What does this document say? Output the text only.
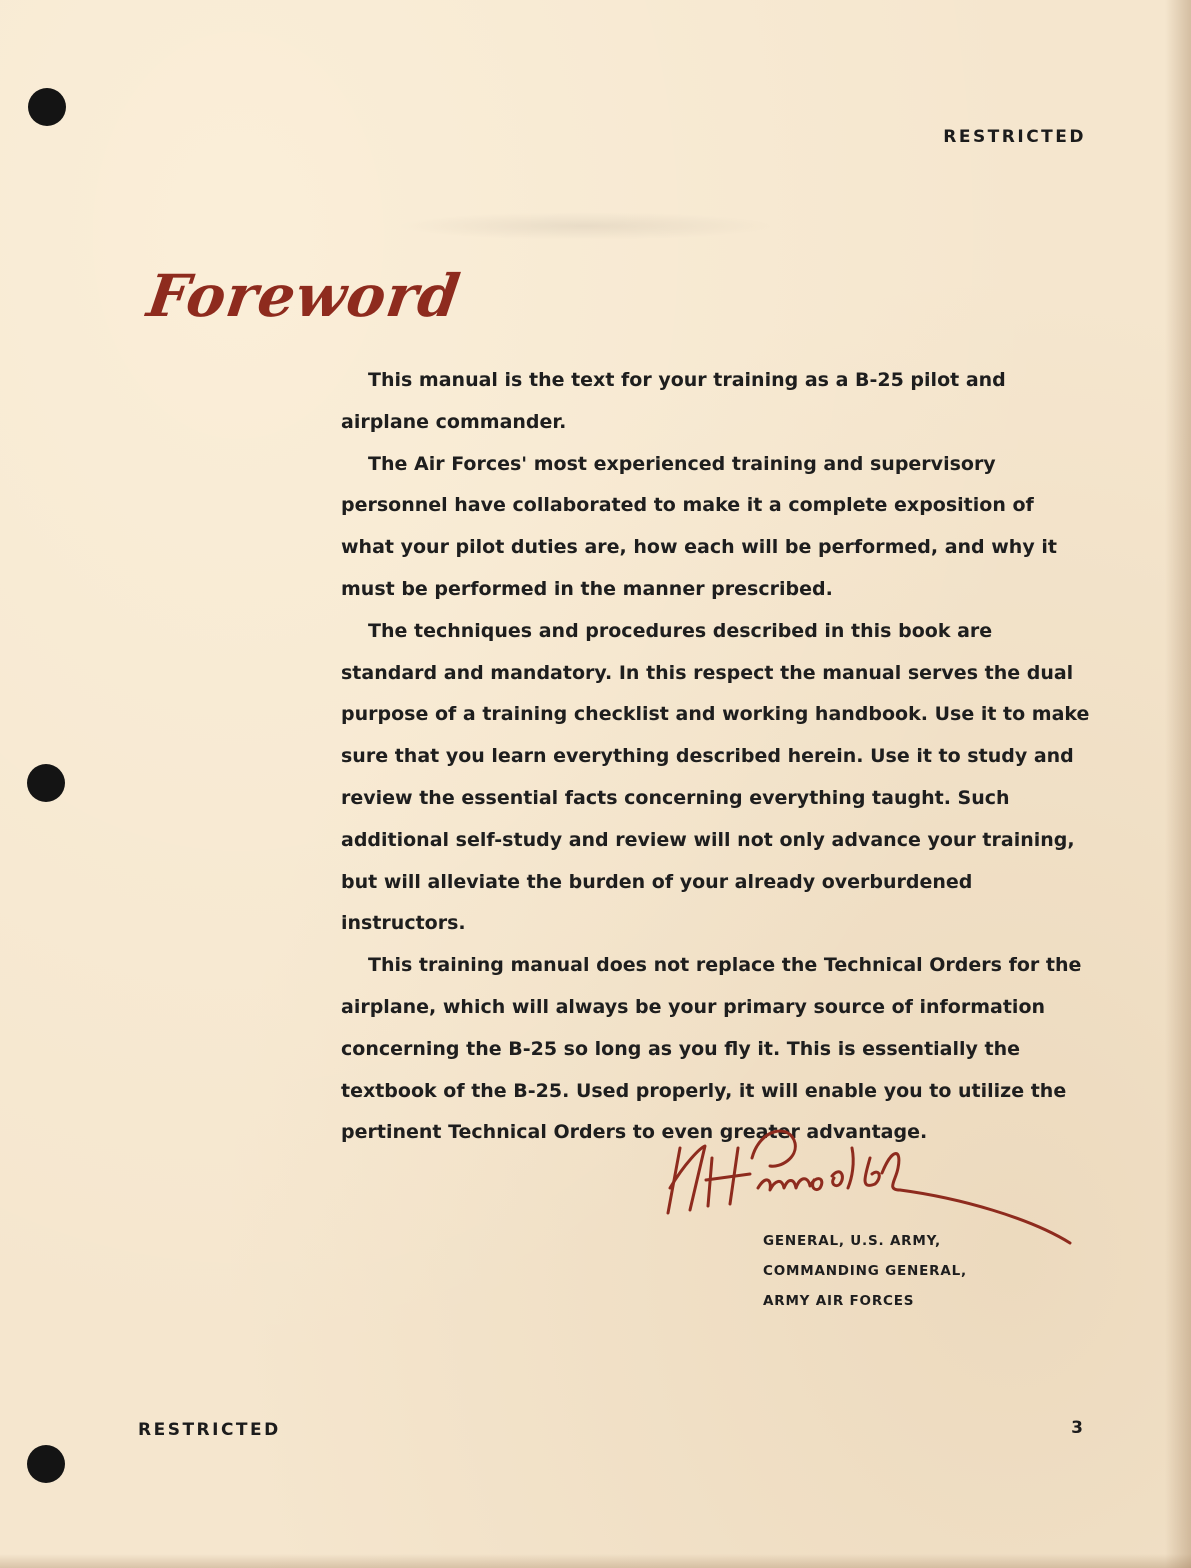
RESTRICTED
Foreword

This manual is the text for your training as a B-25 pilot and airplane commander.

The Air Forces' most experienced training and supervisory personnel have collaborated to make it a complete exposition of what your pilot duties are, how each will be performed, and why it must be performed in the manner prescribed.

The techniques and procedures described in this book are standard and mandatory. In this respect the manual serves the dual purpose of a training checklist and working handbook. Use it to make sure that you learn everything described herein. Use it to study and review the essential facts concerning everything taught. Such additional self-study and review will not only advance your training, but will alleviate the burden of your already overburdened instructors.

This training manual does not replace the Technical Orders for the airplane, which will always be your primary source of information concerning the B-25 so long as you fly it. This is essentially the textbook of the B-25. Used properly, it will enable you to utilize the pertinent Technical Orders to even greater advantage.

GENERAL, U.S. ARMY,
COMMANDING GENERAL,
ARMY AIR FORCES
RESTRICTED	3
